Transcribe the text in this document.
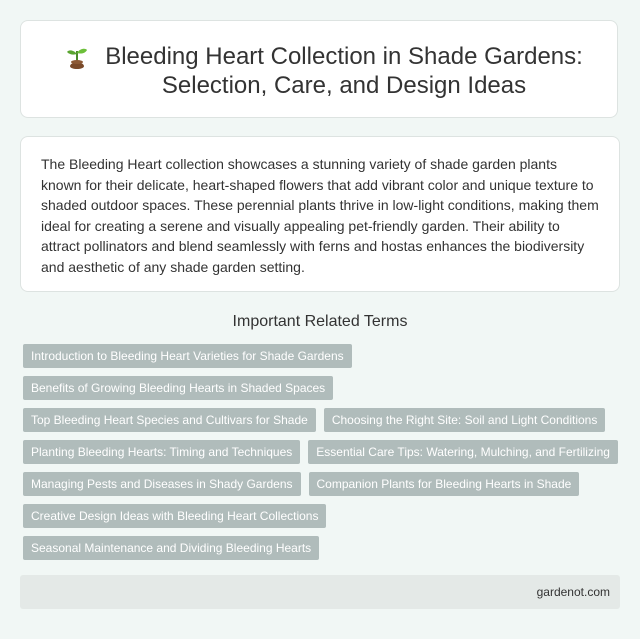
Bleeding Heart Collection in Shade Gardens: Selection, Care, and Design Ideas

The Bleeding Heart collection showcases a stunning variety of shade garden plants known for their delicate, heart-shaped flowers that add vibrant color and unique texture to shaded outdoor spaces. These perennial plants thrive in low-light conditions, making them ideal for creating a serene and visually appealing pet-friendly garden. Their ability to attract pollinators and blend seamlessly with ferns and hostas enhances the biodiversity and aesthetic of any shade garden setting.

Important Related Terms
Introduction to Bleeding Heart Varieties for Shade Gardens
Benefits of Growing Bleeding Hearts in Shaded Spaces
Top Bleeding Heart Species and Cultivars for Shade	Choosing the Right Site: Soil and Light Conditions
Planting Bleeding Hearts: Timing and Techniques	Essential Care Tips: Watering, Mulching, and Fertilizing
Managing Pests and Diseases in Shady Gardens	Companion Plants for Bleeding Hearts in Shade
Creative Design Ideas with Bleeding Heart Collections
Seasonal Maintenance and Dividing Bleeding Hearts
gardenot.com
